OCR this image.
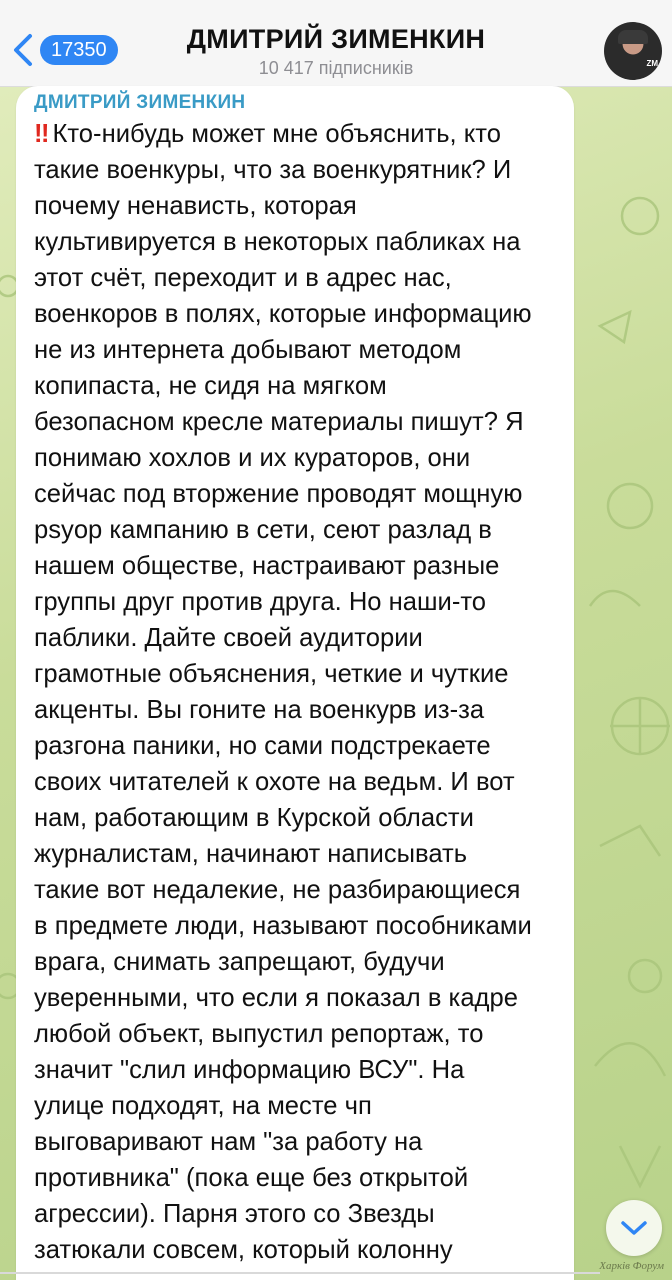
17350	ДМИТРИЙ ЗИМЕНКИН
10 417 підписників	ZM
ДМИТРИЙ ЗИМЕНКИН
‼ Кто-нибудь может мне объяснить, кто
такие военкуры, что за военкурятник? И
почему ненависть, которая
культивируется в некоторых пабликах на
этот счёт, переходит и в адрес нас,
военкоров в полях, которые информацию
не из интернета добывают методом
копипаста, не сидя на мягком
безопасном кресле материалы пишут? Я
понимаю хохлов и их кураторов, они
сейчас под вторжение проводят мощную
psyop кампанию в сети, сеют разлад в
нашем обществе, настраивают разные
группы друг против друга. Но наши-то
паблики. Дайте своей аудитории
грамотные объяснения, четкие и чуткие
акценты. Вы гоните на военкурв из-за
разгона паники, но сами подстрекаете
своих читателей к охоте на ведьм. И вот
нам, работающим в Курской области
журналистам, начинают написывать
такие вот недалекие, не разбирающиеся
в предмете люди, называют пособниками
врага, снимать запрещают, будучи
уверенными, что если я показал в кадре
любой объект, выпустил репортаж, то
значит "слил информацию ВСУ". На
улице подходят, на месте чп
выговаривают нам "за работу на
противника" (пока еще без открытой
агрессии). Парня этого со Звезды
затюкали совсем, который колонну

Харків Форум
